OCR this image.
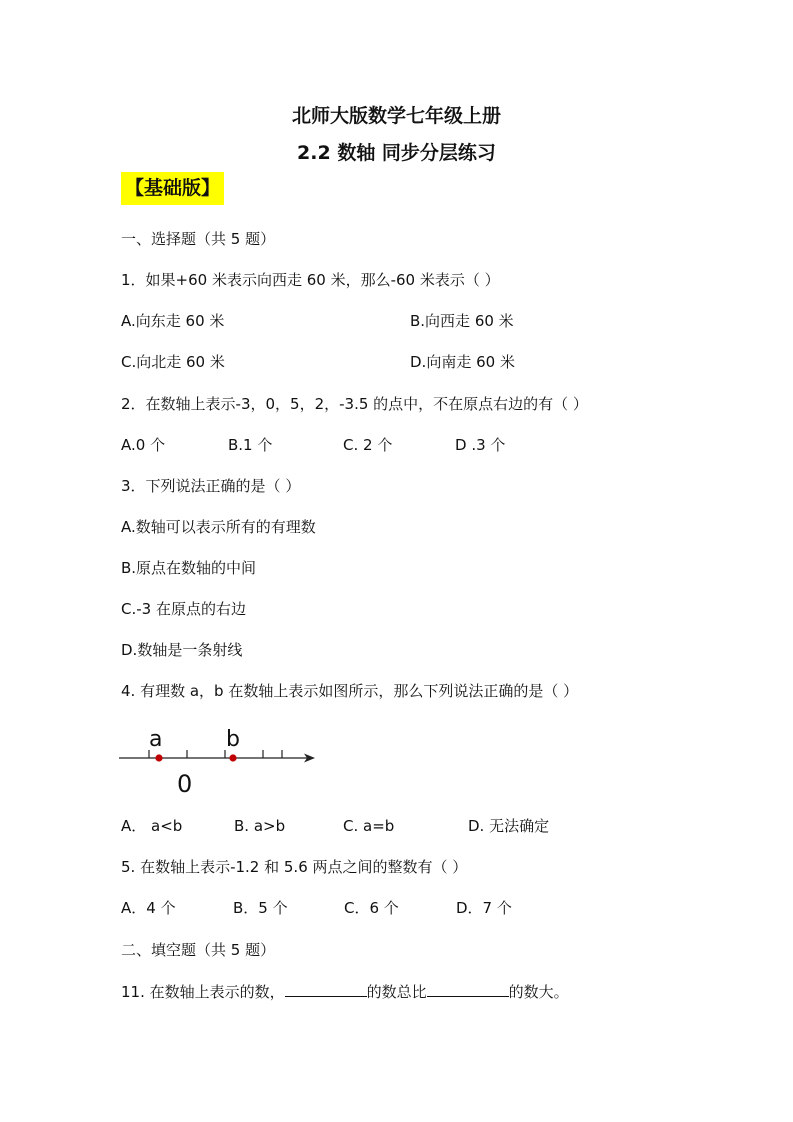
北师大版数学七年级上册
2.2 数轴 同步分层练习
【基础版】
一、选择题（共 5 题）
1．如果+60 米表示向西走 60 米，那么-60 米表示（ ）
A.向东走 60 米	B.向西走 60 米
C.向北走 60 米	D.向南走 60 米
2．在数轴上表示-3，0，5，2，-3.5 的点中，不在原点右边的有（ ）
A.0 个	B.1 个	C. 2 个	D .3 个
3．下列说法正确的是（ ）
A.数轴可以表示所有的有理数
B.原点在数轴的中间
C.-3 在原点的右边
D.数轴是一条射线
4. 有理数 a，b 在数轴上表示如图所示，那么下列说法正确的是（ ）
a	b
0
A． a<b	B. a>b	C. a=b	D. 无法确定
5. 在数轴上表示-1.2 和 5.6 两点之间的整数有（ ）
A．4 个	B．5 个	C．6 个	D．7 个
二、填空题（共 5 题）
11. 在数轴上表示的数，	的数总比	的数大。
